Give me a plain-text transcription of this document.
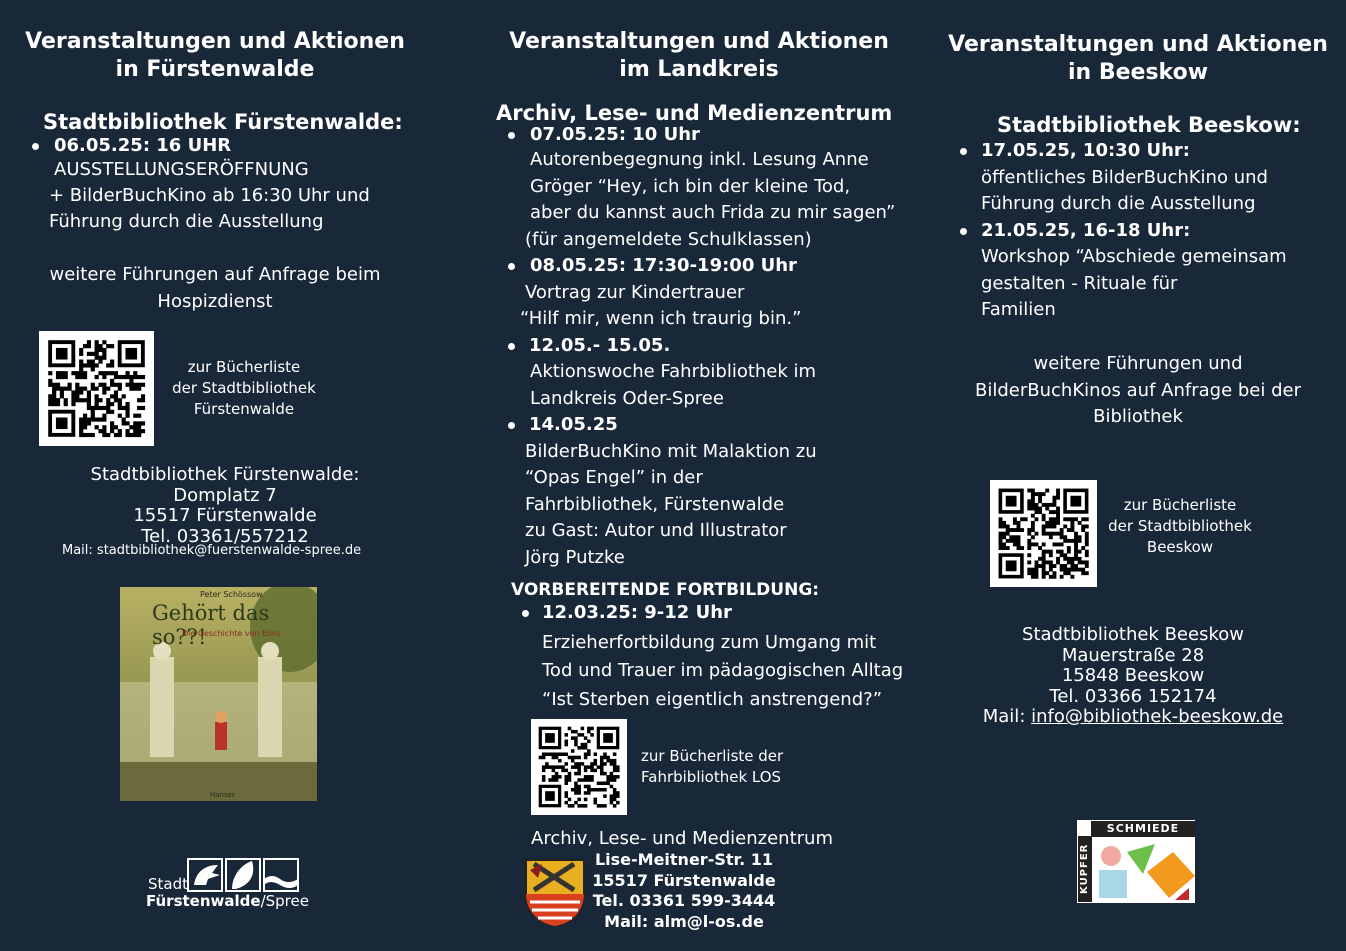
Veranstaltungen und Aktionen
in Fürstenwalde
Stadtbibliothek Fürstenwalde:
06.05.25: 16 UHR
AUSSTELLUNGSERÖFFNUNG
+ BilderBuchKino ab 16:30 Uhr und
Führung durch die Ausstellung
weitere Führungen auf Anfrage beim
Hospizdienst
zur Bücherliste
der Stadtbibliothek
Fürstenwalde
Stadtbibliothek Fürstenwalde:
Domplatz 7
15517 Fürstenwalde
Tel. 03361/557212
Mail: stadtbibliothek@fuerstenwalde-spree.de
Peter Schössow
Gehört das so??!
Die Geschichte von Elvis
Hanser
Stadt
Fürstenwalde/Spree
Veranstaltungen und Aktionen
im Landkreis
Archiv, Lese- und Medienzentrum
07.05.25: 10 Uhr
Autorenbegegnung inkl. Lesung Anne
Gröger “Hey, ich bin der kleine Tod,
aber du kannst auch Frida zu mir sagen”
(für angemeldete Schulklassen)
08.05.25: 17:30-19:00 Uhr
Vortrag zur Kindertrauer
“Hilf mir, wenn ich traurig bin.”
12.05.- 15.05.
Aktionswoche Fahrbibliothek im
Landkreis Oder-Spree
14.05.25
BilderBuchKino mit Malaktion zu
“Opas Engel” in der
Fahrbibliothek, Fürstenwalde
zu Gast: Autor und Illustrator
Jörg Putzke
VORBEREITENDE FORTBILDUNG:
12.03.25: 9-12 Uhr
Erzieherfortbildung zum Umgang mit
Tod und Trauer im pädagogischen Alltag
“Ist Sterben eigentlich anstrengend?”
zur Bücherliste der
Fahrbibliothek LOS
Archiv, Lese- und Medienzentrum
Lise-Meitner-Str. 11
15517 Fürstenwalde
Tel. 03361 599-3444
Mail: alm@l-os.de
Veranstaltungen und Aktionen
in Beeskow
Stadtbibliothek Beeskow:
17.05.25, 10:30 Uhr:
öffentliches BilderBuchKino und
Führung durch die Ausstellung
21.05.25, 16-18 Uhr:
Workshop “Abschiede gemeinsam
gestalten - Rituale für
Familien
weitere Führungen und
BilderBuchKinos auf Anfrage bei der
Bibliothek
zur Bücherliste
der Stadtbibliothek
Beeskow
Stadtbibliothek Beeskow
Mauerstraße 28
15848 Beeskow
Tel. 03366 152174
Mail: info@bibliothek-beeskow.de
SCHMIEDE
KUPFER
